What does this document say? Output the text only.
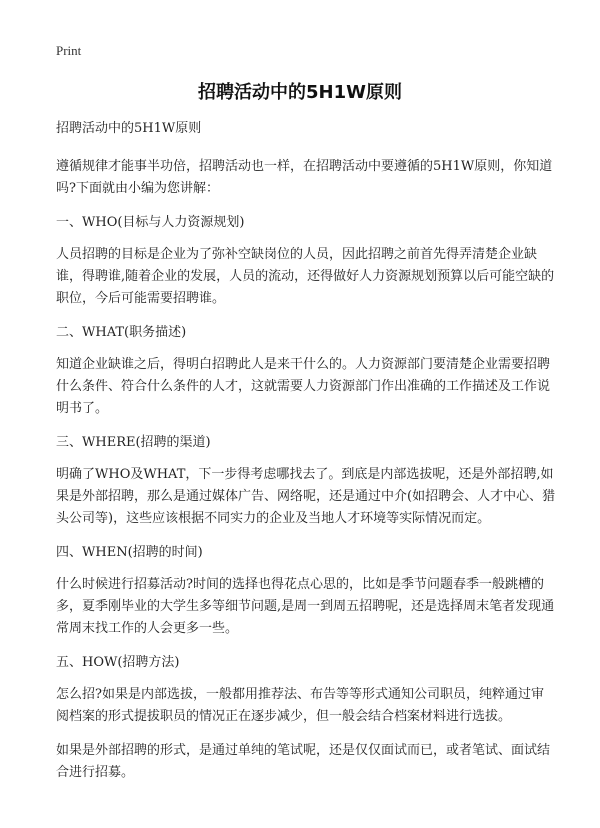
Print
招聘活动中的5H1W原则

招聘活动中的5H1W原则

遵循规律才能事半功倍，招聘活动也一样，在招聘活动中要遵循的5H1W原则，你知道吗?下面就由小编为您讲解：

一、WHO(目标与人力资源规划)

人员招聘的目标是企业为了弥补空缺岗位的人员，因此招聘之前首先得弄清楚企业缺谁，得聘谁,随着企业的发展，人员的流动，还得做好人力资源规划预算以后可能空缺的职位，今后可能需要招聘谁。

二、WHAT(职务描述)

知道企业缺谁之后，得明白招聘此人是来干什么的。人力资源部门要清楚企业需要招聘什么条件、符合什么条件的人才，这就需要人力资源部门作出准确的工作描述及工作说明书了。

三、WHERE(招聘的渠道)

明确了WHO及WHAT，下一步得考虑哪找去了。到底是内部选拔呢，还是外部招聘,如果是外部招聘，那么是通过媒体广告、网络呢，还是通过中介(如招聘会、人才中心、猎头公司等)，这些应该根据不同实力的企业及当地人才环境等实际情况而定。

四、WHEN(招聘的时间)

什么时候进行招募活动?时间的选择也得花点心思的，比如是季节问题春季一般跳槽的多，夏季刚毕业的大学生多等细节问题,是周一到周五招聘呢，还是选择周末笔者发现通常周末找工作的人会更多一些。

五、HOW(招聘方法)

怎么招?如果是内部选拔，一般都用推荐法、布告等等形式通知公司职员，纯粹通过审阅档案的形式提拔职员的情况正在逐步减少，但一般会结合档案材料进行选拔。

如果是外部招聘的形式，是通过单纯的笔试呢，还是仅仅面试而已，或者笔试、面试结合进行招募。
